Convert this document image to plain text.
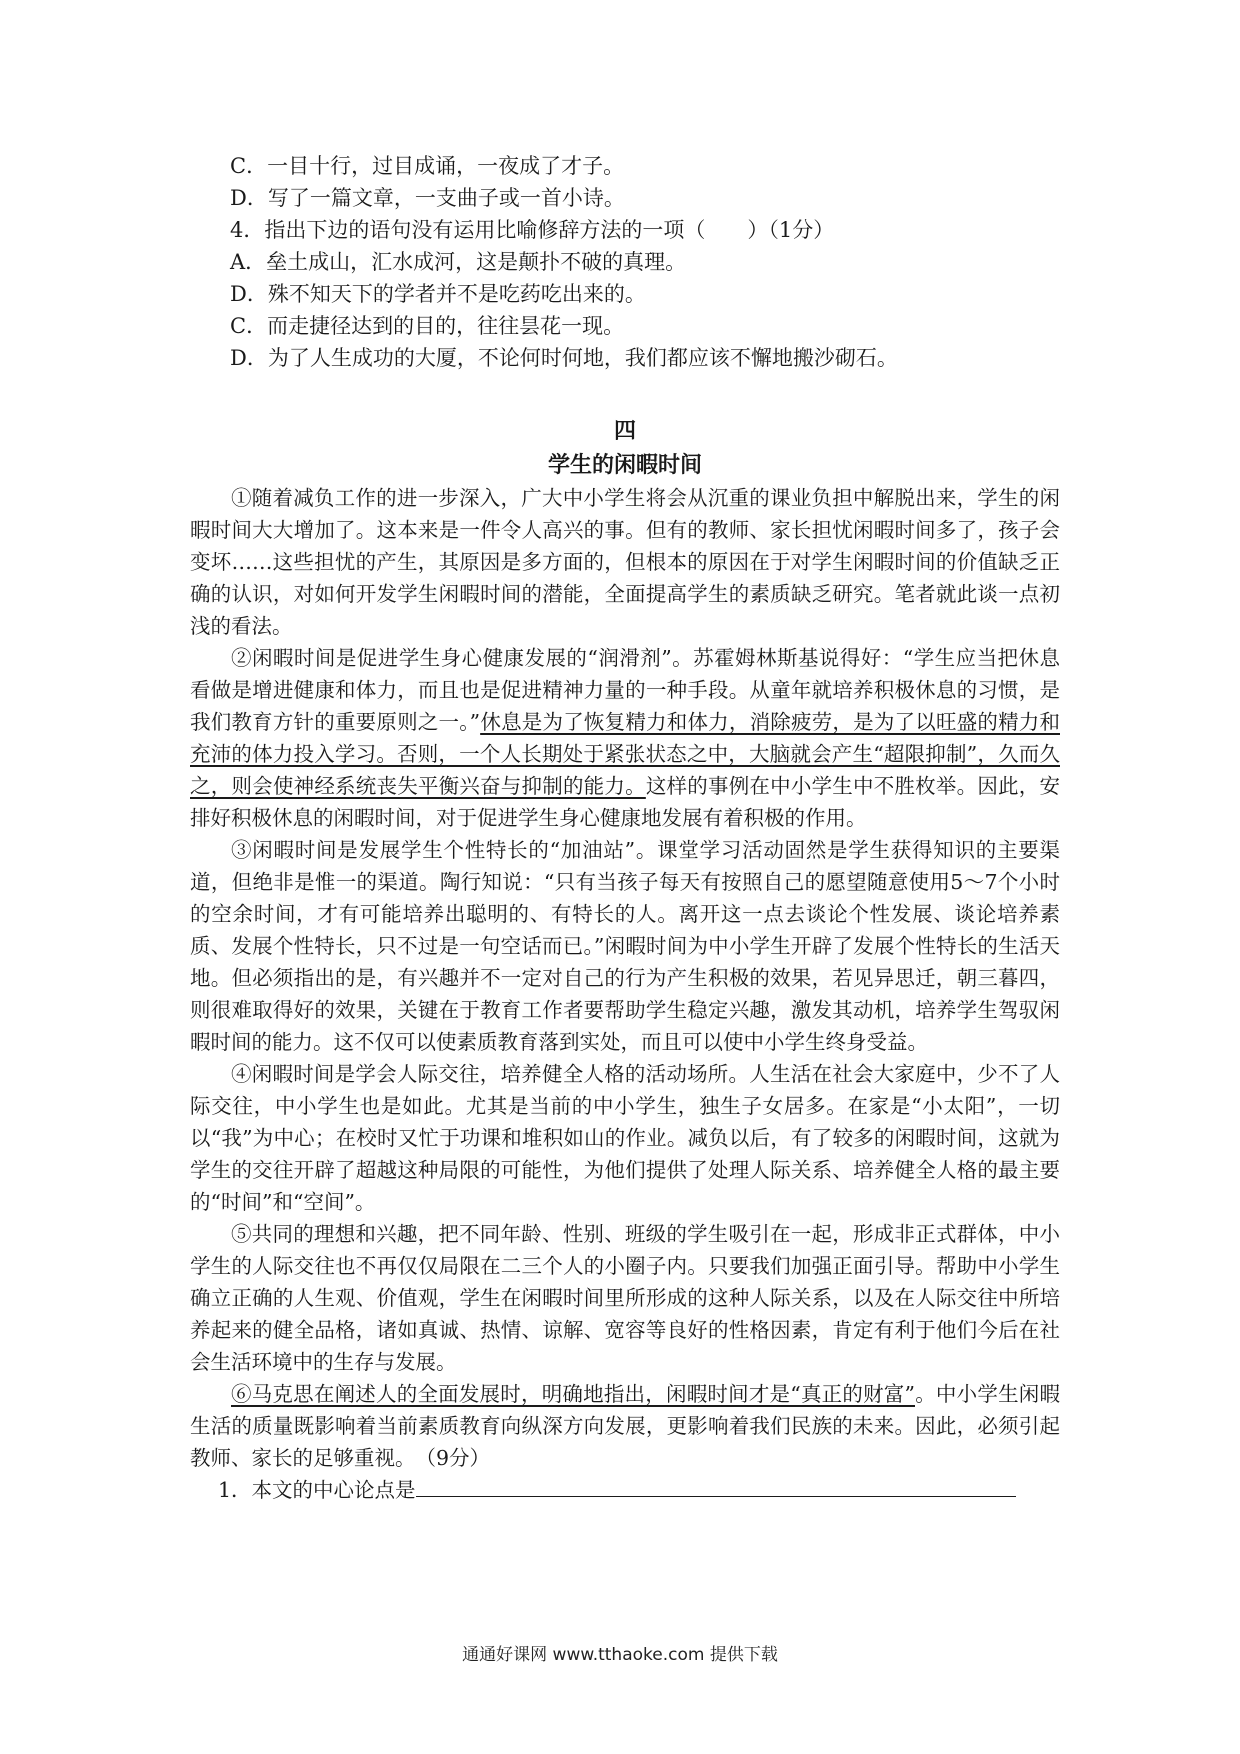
C．一目十行，过目成诵，一夜成了才子。
D．写了一篇文章，一支曲子或一首小诗。
4．指出下边的语句没有运用比喻修辞方法的一项（　　）（1分）
A．垒土成山，汇水成河，这是颠扑不破的真理。
D．殊不知天下的学者并不是吃药吃出来的。
C．而走捷径达到的目的，往往昙花一现。
D．为了人生成功的大厦，不论何时何地，我们都应该不懈地搬沙砌石。
四
学生的闲暇时间

①随着减负工作的进一步深入，广大中小学生将会从沉重的课业负担中解脱出来，学生的闲暇时间大大增加了。这本来是一件令人高兴的事。但有的教师、家长担忧闲暇时间多了，孩子会变坏……这些担忧的产生，其原因是多方面的，但根本的原因在于对学生闲暇时间的价值缺乏正确的认识，对如何开发学生闲暇时间的潜能，全面提高学生的素质缺乏研究。笔者就此谈一点初浅的看法。

②闲暇时间是促进学生身心健康发展的“润滑剂”。苏霍姆林斯基说得好：“学生应当把休息看做是增进健康和体力，而且也是促进精神力量的一种手段。从童年就培养积极休息的习惯，是我们教育方针的重要原则之一。”休息是为了恢复精力和体力，消除疲劳，是为了以旺盛的精力和充沛的体力投入学习。否则，一个人长期处于紧张状态之中，大脑就会产生“超限抑制”，久而久之，则会使神经系统丧失平衡兴奋与抑制的能力。这样的事例在中小学生中不胜枚举。因此，安排好积极休息的闲暇时间，对于促进学生身心健康地发展有着积极的作用。

③闲暇时间是发展学生个性特长的“加油站”。课堂学习活动固然是学生获得知识的主要渠道，但绝非是惟一的渠道。陶行知说：“只有当孩子每天有按照自己的愿望随意使用5～7个小时的空余时间，才有可能培养出聪明的、有特长的人。离开这一点去谈论个性发展、谈论培养素质、发展个性特长，只不过是一句空话而已。”闲暇时间为中小学生开辟了发展个性特长的生活天地。但必须指出的是，有兴趣并不一定对自己的行为产生积极的效果，若见异思迁，朝三暮四，则很难取得好的效果，关键在于教育工作者要帮助学生稳定兴趣，激发其动机，培养学生驾驭闲暇时间的能力。这不仅可以使素质教育落到实处，而且可以使中小学生终身受益。

④闲暇时间是学会人际交往，培养健全人格的活动场所。人生活在社会大家庭中，少不了人际交往，中小学生也是如此。尤其是当前的中小学生，独生子女居多。在家是“小太阳”，一切以“我”为中心；在校时又忙于功课和堆积如山的作业。减负以后，有了较多的闲暇时间，这就为学生的交往开辟了超越这种局限的可能性，为他们提供了处理人际关系、培养健全人格的最主要的“时间”和“空间”。

⑤共同的理想和兴趣，把不同年龄、性别、班级的学生吸引在一起，形成非正式群体，中小学生的人际交往也不再仅仅局限在二三个人的小圈子内。只要我们加强正面引导。帮助中小学生确立正确的人生观、价值观，学生在闲暇时间里所形成的这种人际关系，以及在人际交往中所培养起来的健全品格，诸如真诚、热情、谅解、宽容等良好的性格因素，肯定有利于他们今后在社会生活环境中的生存与发展。

⑥马克思在阐述人的全面发展时，明确地指出，闲暇时间才是“真正的财富”。中小学生闲暇生活的质量既影响着当前素质教育向纵深方向发展，更影响着我们民族的未来。因此，必须引起教师、家长的足够重视。　（9分）

1．本文的中心论点是
通通好课网 www.tthaoke.com 提供下载
